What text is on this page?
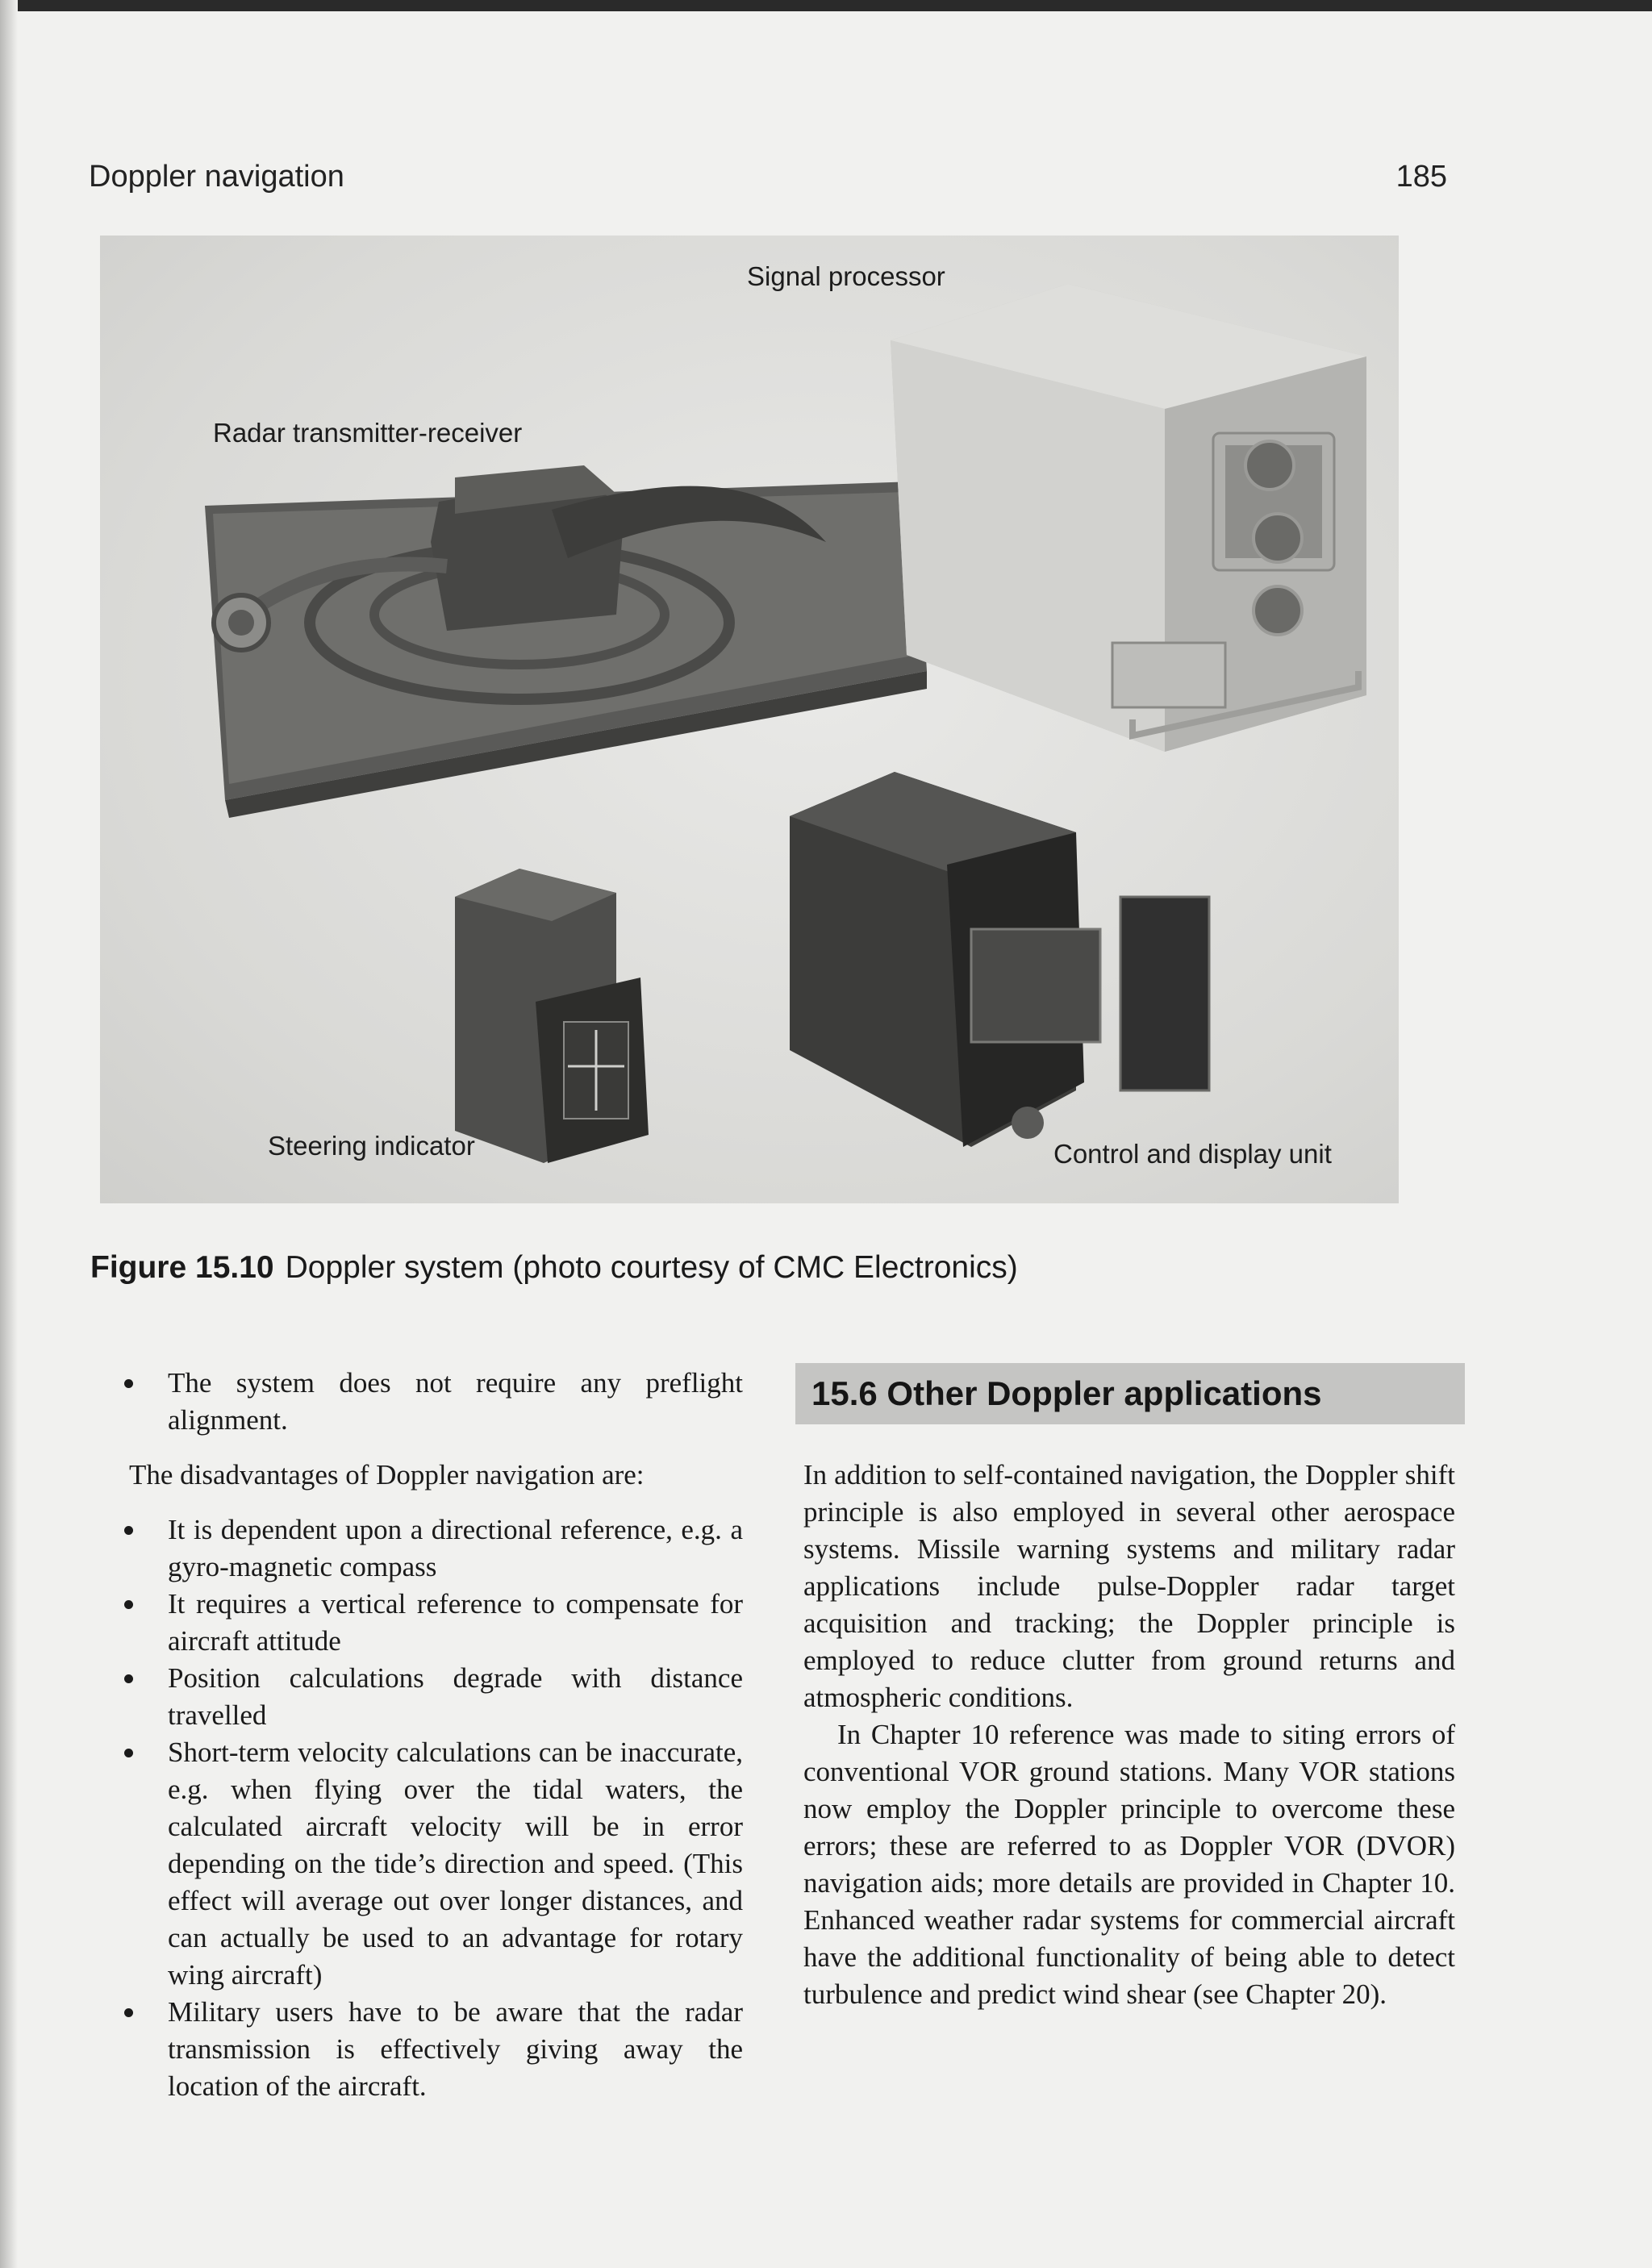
Doppler navigation	185
Signal processor
Radar transmitter-receiver
Steering indicator	Control and display unit
Figure 15.10 Doppler system (photo courtesy of CMC Electronics)

The system does not require any preflight alignment.

The disadvantages of Doppler navigation are:

It is dependent upon a directional reference, e.g. a gyro-magnetic compass

It requires a vertical reference to compensate for aircraft attitude

Position calculations degrade with distance travelled

Short-term velocity calculations can be inaccurate, e.g. when flying over the tidal waters, the calculated aircraft velocity will be in error depending on the tide’s direction and speed. (This effect will average out over longer distances, and can actually be used to an advantage for rotary wing aircraft)

Military users have to be aware that the radar transmission is effectively giving away the location of the aircraft.

15.6 Other Doppler applications

In addition to self-contained navigation, the Doppler shift principle is also employed in several other aerospace systems. Missile warning systems and military radar applications include pulse-Doppler radar target acquisition and tracking; the Doppler principle is employed to reduce clutter from ground returns and atmospheric conditions.

In Chapter 10 reference was made to siting errors of conventional VOR ground stations. Many VOR stations now employ the Doppler principle to overcome these errors; these are referred to as Doppler VOR (DVOR) navigation aids; more details are provided in Chapter 10. Enhanced weather radar systems for commercial aircraft have the additional functionality of being able to detect turbulence and predict wind shear (see Chapter 20).
